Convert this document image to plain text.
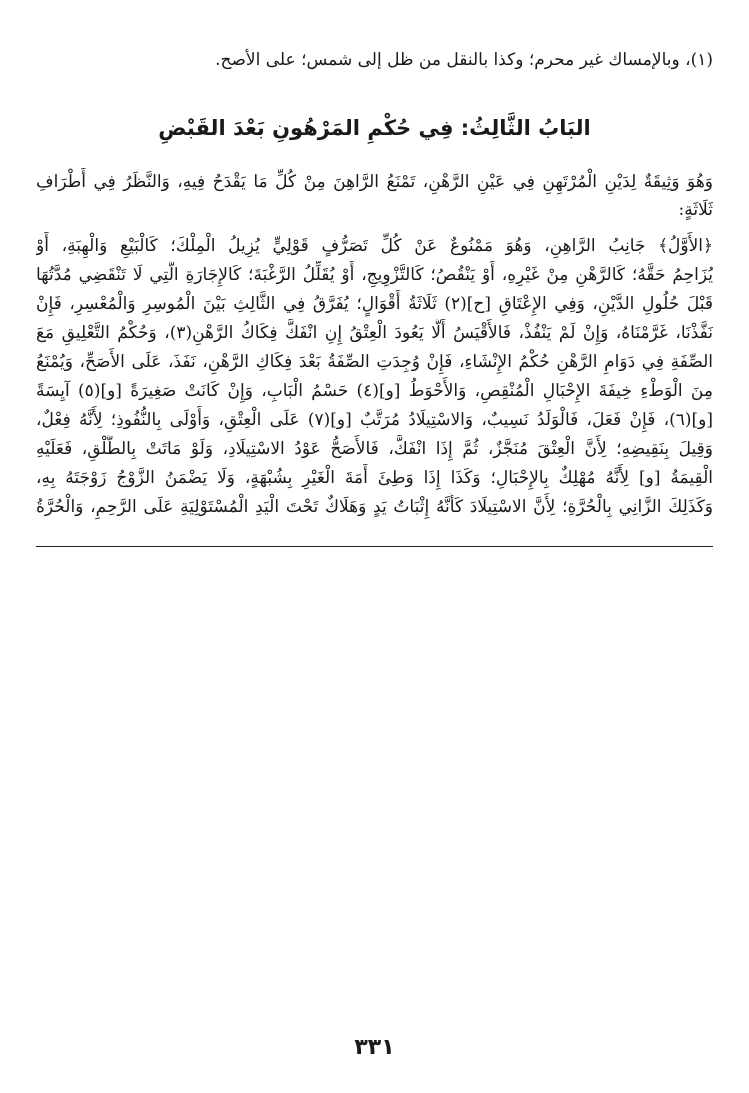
(١)، وبالإمساك غير محرم؛ وكذا بالنقل من ظل إلى شمس؛ على الأصح.
البَابُ الثَّالِثُ: فِي حُكْمِ المَرْهُونِ بَعْدَ القَبْضِ
وَهُوَ وَثِيقَةٌ لِدَيْنِ الْمُرْتَهِنِ فِي عَيْنِ الرَّهْنِ، تَمْنَعُ الرَّاهِنَ مِنْ كُلِّ مَا يَقْدَحُ فِيهِ، وَالنَّظَرُ فِي أَطْرَافِ
ثَلَاثَةٍ:
﴿الأَوَّلُ﴾ جَانِبُ الرَّاهِنِ، وَهُوَ مَمْنُوعٌ عَنْ كُلِّ تَصَرُّفٍ قَوْلِيٍّ يُزِيلُ الْمِلْكَ؛ كَالْبَيْعِ وَالْهِبَةِ، أَوْ
يُزَاحِمُ حَقَّهُ؛ كَالرَّهْنِ مِنْ غَيْرِهِ، أَوْ يَنْقُصُ؛ كَالتَّزْوِيجِ، أَوْ يُقَلِّلُ الرَّغْبَةَ؛ كَالإِجَارَةِ الَّتِي لَا تَنْقَضِي مُدَّتُهَا
قَبْلَ حُلُولِ الدَّيْنِ، وَفِي الإِعْتَاقِ [ح](٢) ثَلَاثَةُ أَقْوَالٍ؛ يُفَرَّقُ فِي الثَّالِثِ بَيْنَ الْمُوسِرِ وَالْمُعْسِرِ، فَإِنْ
نَفَّذْنَا، غَرَّمْنَاهُ، وَإِنْ لَمْ يَنْفُذْ، فَالأَقْيَسُ أَلَّا يَعُودَ الْعِتْقُ إِنِ انْفَكَّ فِكَاكُ الرَّهْنِ(٣)، وَحُكْمُ التَّعْلِيقِ مَعَ
الصِّفَةِ فِي دَوَامِ الرَّهْنِ حُكْمُ الإِنْشَاءِ، فَإِنْ وُجِدَتِ الصِّفَةُ بَعْدَ فِكَاكِ الرَّهْنِ، نَفَذَ، عَلَى الأَصَحِّ، وَيُمْنَعُ
مِنَ الْوَطْءِ خِيفَةَ الإِحْبَالِ الْمُنْقِصِ، وَالأَحْوَطُ [و](٤) حَسْمُ الْبَابِ، وَإِنْ كَانَتْ صَغِيرَةً [و](٥) آيِسَةً
[و](٦)، فَإِنْ فَعَلَ، فَالْوَلَدُ نَسِيبٌ، وَالاسْتِيلَادُ مُرَتَّبٌ [و](٧) عَلَى الْعِتْقِ، وَأَوْلَى بِالنُّفُوذِ؛ لِأَنَّهُ فِعْلٌ،
وَقِيلَ بِنَقِيضِهِ؛ لِأَنَّ الْعِتْقَ مُنَجَّزٌ، ثُمَّ إِذَا انْفَكَّ، فَالأَصَحُّ عَوْدُ الاسْتِيلَادِ، وَلَوْ مَاتَتْ بِالطَّلْقِ، فَعَلَيْهِ
الْقِيمَةُ [و] لِأَنَّهُ مُهْلِكٌ بِالإِحْبَالِ؛ وَكَذَا إِذَا وَطِئَ أَمَةَ الْغَيْرِ بِشُبْهَةٍ، وَلَا يَضْمَنُ الزَّوْجُ زَوْجَتَهُ بِهِ،
وَكَذَلِكَ الزَّانِي بِالْحُرَّةِ؛ لِأَنَّ الاسْتِيلَادَ كَأَنَّهُ إِثْبَاتُ يَدٍ وَهَلَاكٌ تَحْتَ الْيَدِ الْمُسْتَوْلِيَةِ عَلَى الرَّحِمِ، وَالْحُرَّةُ
٣٣١
